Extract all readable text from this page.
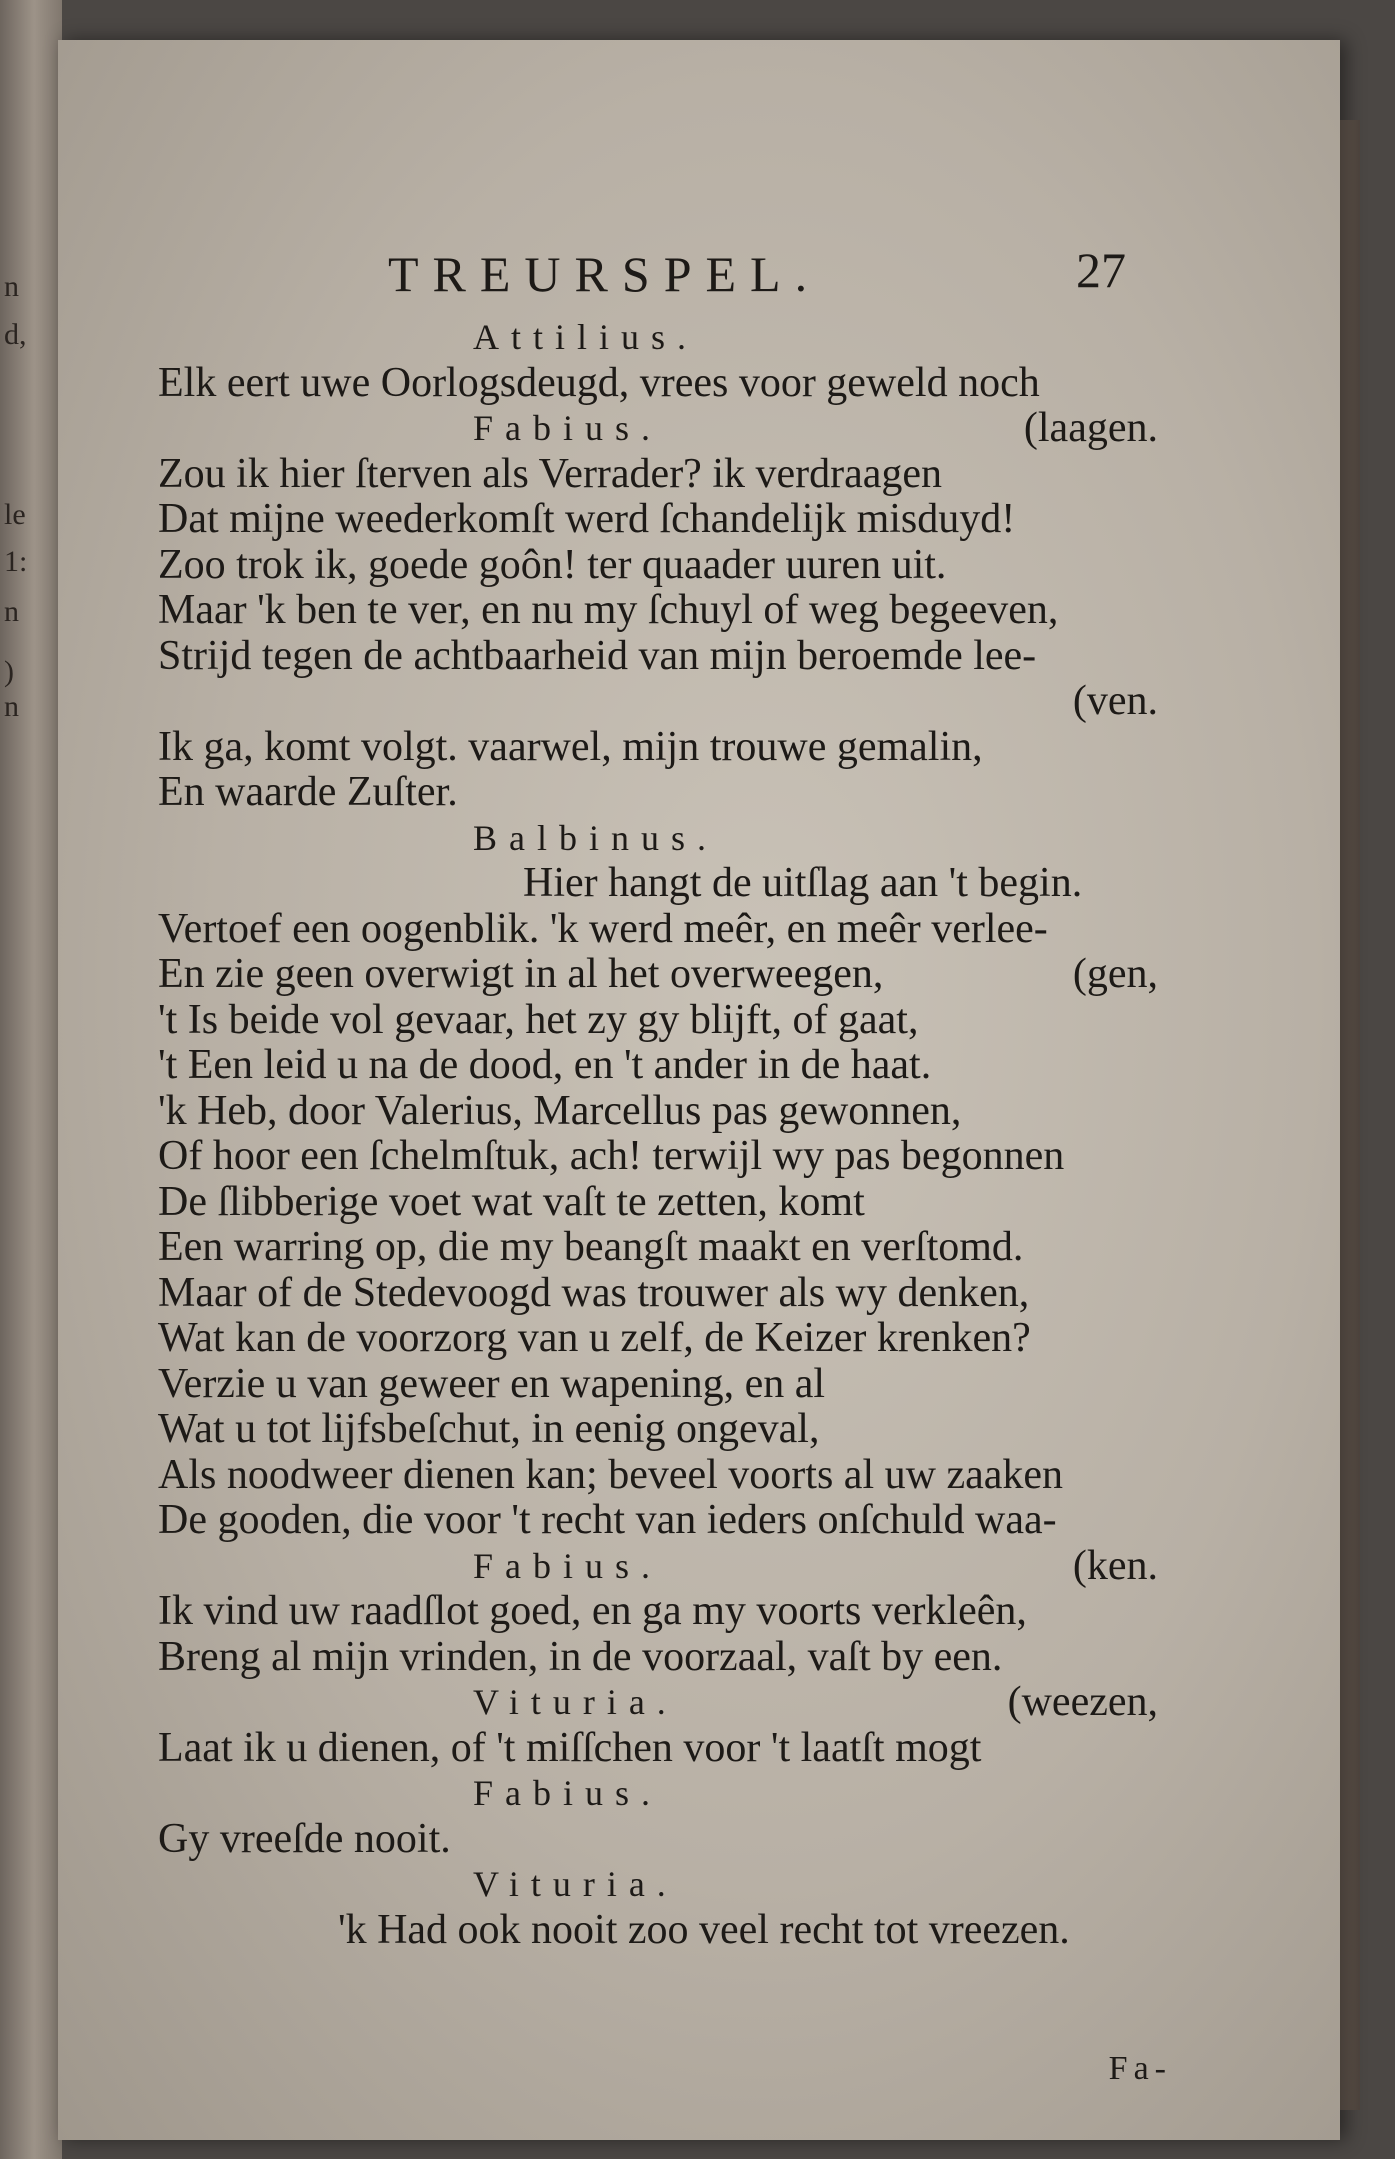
n
d,
le
1:
n
)
n
TREURSPEL.	27
Attilius.
Elk eert uwe Oorlogsdeugd, vrees voor geweld noch
Fabius.	(laagen.
Zou ik hier ſterven als Verrader? ik verdraagen
Dat mijne weederkomſt werd ſchandelijk misduyd!
Zoo trok ik, goede goôn! ter quaader uuren uit.
Maar 'k ben te ver, en nu my ſchuyl of weg begeeven,
Strijd tegen de achtbaarheid van mijn beroemde lee-
(ven.
Ik ga, komt volgt. vaarwel, mijn trouwe gemalin,
En waarde Zuſter.
Balbinus.
Hier hangt de uitſlag aan 't begin.
Vertoef een oogenblik. 'k werd meêr, en meêr verlee-
En zie geen overwigt in al het overweegen,	(gen,
't Is beide vol gevaar, het zy gy blijft, of gaat,
't Een leid u na de dood, en 't ander in de haat.
'k Heb, door Valerius, Marcellus pas gewonnen,
Of hoor een ſchelmſtuk, ach! terwijl wy pas begonnen
De ſlibberige voet wat vaſt te zetten, komt
Een warring op, die my beangſt maakt en verſtomd.
Maar of de Stedevoogd was trouwer als wy denken,
Wat kan de voorzorg van u zelf, de Keizer krenken?
Verzie u van geweer en wapening, en al
Wat u tot lijfsbeſchut, in eenig ongeval,
Als noodweer dienen kan; beveel voorts al uw zaaken
De gooden, die voor 't recht van ieders onſchuld waa-
Fabius.	(ken.
Ik vind uw raadſlot goed, en ga my voorts verkleên,
Breng al mijn vrinden, in de voorzaal, vaſt by een.
Vituria.	(weezen,
Laat ik u dienen, of 't miſſchen voor 't laatſt mogt
Fabius.
Gy vreeſde nooit.
Vituria.
'k Had ook nooit zoo veel recht tot vreezen.
Fa-
